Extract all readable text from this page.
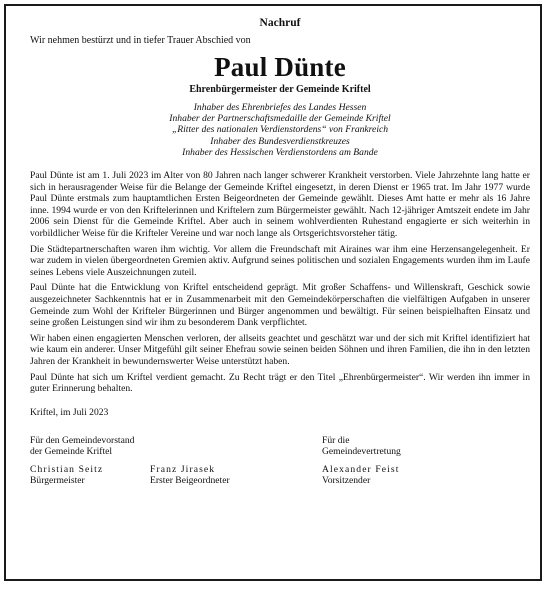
Nachruf

Wir nehmen bestürzt und in tiefer Trauer Abschied von

Paul Dünte

Ehrenbürgermeister der Gemeinde Kriftel

Inhaber des Ehrenbriefes des Landes Hessen
Inhaber der Partnerschaftsmedaille der Gemeinde Kriftel
„Ritter des nationalen Verdienstordens“ von Frankreich
Inhaber des Bundesverdienstkreuzes
Inhaber des Hessischen Verdienstordens am Bande

Paul Dünte ist am 1. Juli 2023 im Alter von 80 Jahren nach langer schwerer Krankheit verstorben. Viele Jahrzehnte lang hatte er sich in herausragender Weise für die Belange der Gemeinde Kriftel eingesetzt, in deren Dienst er 1965 trat. Im Jahr 1977 wurde Paul Dünte erstmals zum hauptamtlichen Ersten Beigeordneten der Gemeinde gewählt. Dieses Amt hatte er mehr als 16 Jahre inne. 1994 wurde er von den Kriftelerinnen und Kriftelern zum Bürgermeister gewählt. Nach 12-jähriger Amtszeit endete im Jahr 2006 sein Dienst für die Gemeinde Kriftel. Aber auch in seinem wohlverdienten Ruhestand engagierte er sich weiterhin in vorbildlicher Weise für die Krifteler Vereine und war noch lange als Ortsgerichtsvorsteher tätig.

Die Städtepartnerschaften waren ihm wichtig. Vor allem die Freundschaft mit Airaines war ihm eine Herzensangelegenheit. Er war zudem in vielen übergeordneten Gremien aktiv. Aufgrund seines politischen und sozialen Engagements wurden ihm im Laufe seines Lebens viele Auszeichnungen zuteil.

Paul Dünte hat die Entwicklung von Kriftel entscheidend geprägt. Mit großer Schaffens- und Willenskraft, Geschick sowie ausgezeichneter Sachkenntnis hat er in Zusammenarbeit mit den Gemeindekörperschaften die vielfältigen Aufgaben in unserer Gemeinde zum Wohl der Krifteler Bürgerinnen und Bürger angenommen und bewältigt. Für seinen beispielhaften Einsatz und seine großen Leistungen sind wir ihm zu besonderem Dank verpflichtet.

Wir haben einen engagierten Menschen verloren, der allseits geachtet und geschätzt war und der sich mit Kriftel identifiziert hat wie kaum ein anderer. Unser Mitgefühl gilt seiner Ehefrau sowie seinen beiden Söhnen und ihren Familien, die ihn in den letzten Jahren der Krankheit in bewundernswerter Weise unterstützt haben.

Paul Dünte hat sich um Kriftel verdient gemacht. Zu Recht trägt er den Titel „Ehrenbürgermeister“. Wir werden ihn immer in guter Erinnerung behalten.

Kriftel, im Juli 2023

Für den Gemeindevorstand

der Gemeinde Kriftel

Christian Seitz

Bürgermeister

Franz Jirasek

Erster Beigeordneter

Für die

Gemeindevertretung

Alexander Feist

Vorsitzender
